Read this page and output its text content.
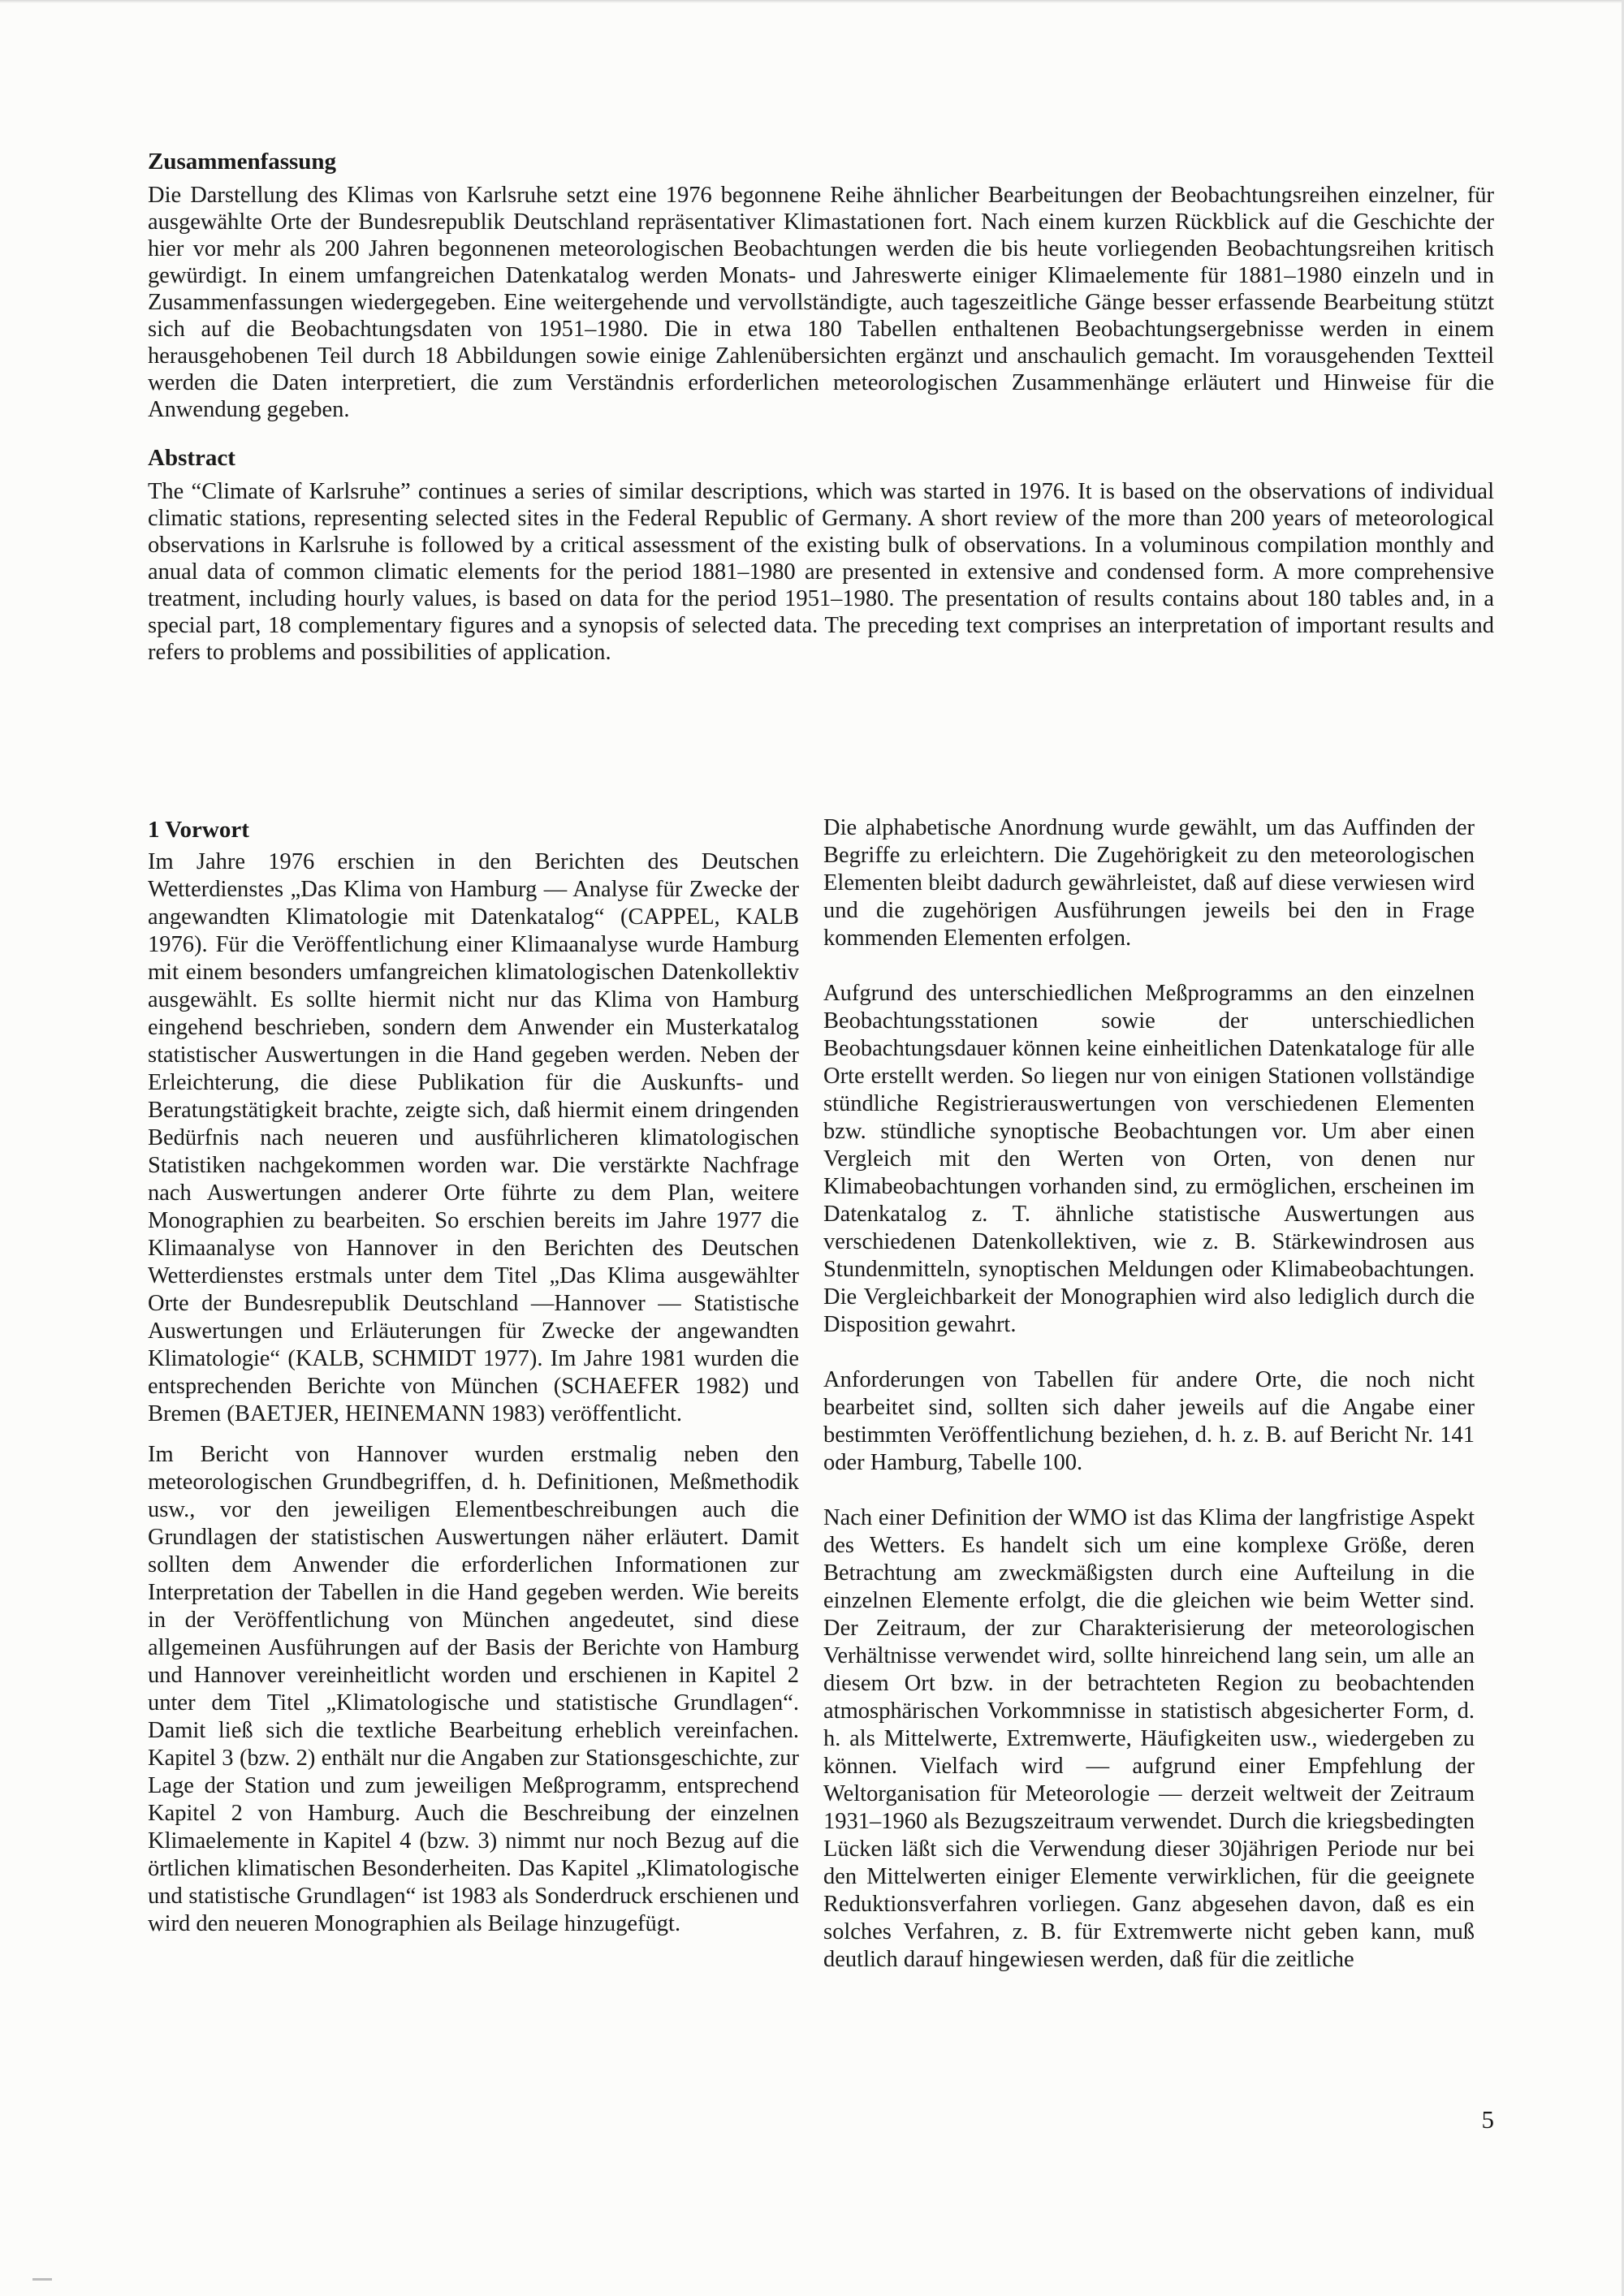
Zusammenfassung

Die Darstellung des Klimas von Karlsruhe setzt eine 1976 begonnene Reihe ähnlicher Bearbeitungen der Beobachtungsreihen einzelner, für ausgewählte Orte der Bundesrepublik Deutschland repräsentativer Klimastationen fort. Nach einem kurzen Rückblick auf die Geschichte der hier vor mehr als 200 Jahren begonnenen meteorologischen Beobachtungen werden die bis heute vorliegenden Beobachtungsreihen kritisch gewürdigt. In einem umfangreichen Datenkatalog werden Monats- und Jahreswerte einiger Klimaelemente für 1881–1980 einzeln und in Zusammenfassungen wiedergegeben. Eine weitergehende und vervollständigte, auch tageszeitliche Gänge besser erfassende Bearbeitung stützt sich auf die Beobachtungsdaten von 1951–1980. Die in etwa 180 Tabellen enthaltenen Beobachtungsergebnisse werden in einem herausgehobenen Teil durch 18 Abbildungen sowie einige Zahlenübersichten ergänzt und anschaulich gemacht. Im vorausgehenden Textteil werden die Daten interpretiert, die zum Verständnis erforderlichen meteorologischen Zusammenhänge erläutert und Hinweise für die Anwendung gegeben.

Abstract

The “Climate of Karlsruhe” continues a series of similar descriptions, which was started in 1976. It is based on the observations of individual climatic stations, representing selected sites in the Federal Republic of Germany. A short review of the more than 200 years of meteorological observations in Karlsruhe is followed by a critical assessment of the existing bulk of observations. In a voluminous compilation monthly and anual data of common climatic elements for the period 1881–1980 are presented in extensive and condensed form. A more comprehensive treatment, including hourly values, is based on data for the period 1951–1980. The presentation of results contains about 180 tables and, in a special part, 18 complementary figures and a synopsis of selected data. The preceding text comprises an interpretation of important results and refers to problems and possibilities of application.

1 Vorwort

Im Jahre 1976 erschien in den Berichten des Deutschen Wetterdienstes „Das Klima von Hamburg — Analyse für Zwecke der angewandten Klimatologie mit Datenkatalog“ (CAPPEL, KALB 1976). Für die Veröffentlichung einer Klimaanalyse wurde Hamburg mit einem besonders umfangreichen klimatologischen Datenkollektiv ausgewählt. Es sollte hiermit nicht nur das Klima von Hamburg eingehend beschrieben, sondern dem Anwender ein Musterkatalog statistischer Auswertungen in die Hand gegeben werden. Neben der Erleichterung, die diese Publikation für die Auskunfts- und Beratungstätigkeit brachte, zeigte sich, daß hiermit einem dringenden Bedürfnis nach neueren und ausführlicheren klimatologischen Statistiken nachgekommen worden war. Die verstärkte Nachfrage nach Auswertungen anderer Orte führte zu dem Plan, weitere Monographien zu bearbeiten. So erschien bereits im Jahre 1977 die Klimaanalyse von Hannover in den Berichten des Deutschen Wetterdienstes erstmals unter dem Titel „Das Klima ausgewählter Orte der Bundesrepublik Deutschland —Hannover — Statistische Auswertungen und Erläuterungen für Zwecke der angewandten Klimatologie“ (KALB, SCHMIDT 1977). Im Jahre 1981 wurden die entsprechenden Berichte von München (SCHAEFER 1982) und Bremen (BAETJER, HEINEMANN 1983) veröffentlicht.

Im Bericht von Hannover wurden erstmalig neben den meteorologischen Grundbegriffen, d. h. Definitionen, Meßmethodik usw., vor den jeweiligen Elementbeschreibungen auch die Grundlagen der statistischen Auswertungen näher erläutert. Damit sollten dem Anwender die erforderlichen Informationen zur Interpretation der Tabellen in die Hand gegeben werden. Wie bereits in der Veröffentlichung von München angedeutet, sind diese allgemeinen Ausführungen auf der Basis der Berichte von Hamburg und Hannover vereinheitlicht worden und erschienen in Kapitel 2 unter dem Titel „Klimatologische und statistische Grundlagen“. Damit ließ sich die textliche Bearbeitung erheblich vereinfachen. Kapitel 3 (bzw. 2) enthält nur die Angaben zur Stationsgeschichte, zur Lage der Station und zum jeweiligen Meßprogramm, entsprechend Kapitel 2 von Hamburg. Auch die Beschreibung der einzelnen Klimaelemente in Kapitel 4 (bzw. 3) nimmt nur noch Bezug auf die örtlichen klimatischen Besonderheiten. Das Kapitel „Klimatologische und statistische Grundlagen“ ist 1983 als Sonderdruck erschienen und wird den neueren Monographien als Beilage hinzugefügt.

Die alphabetische Anordnung wurde gewählt, um das Auffinden der Begriffe zu erleichtern. Die Zugehörigkeit zu den meteorologischen Elementen bleibt dadurch gewährleistet, daß auf diese verwiesen wird und die zugehörigen Ausführungen jeweils bei den in Frage kommenden Elementen erfolgen.

Aufgrund des unterschiedlichen Meßprogramms an den einzelnen Beobachtungsstationen sowie der unterschiedlichen Beobachtungsdauer können keine einheitlichen Datenkataloge für alle Orte erstellt werden. So liegen nur von einigen Stationen vollständige stündliche Registrierauswertungen von verschiedenen Elementen bzw. stündliche synoptische Beobachtungen vor. Um aber einen Vergleich mit den Werten von Orten, von denen nur Klimabeobachtungen vorhanden sind, zu ermöglichen, erscheinen im Datenkatalog z. T. ähnliche statistische Auswertungen aus verschiedenen Datenkollektiven, wie z. B. Stärkewindrosen aus Stundenmitteln, synoptischen Meldungen oder Klimabeobachtungen. Die Vergleichbarkeit der Monographien wird also lediglich durch die Disposition gewahrt.

Anforderungen von Tabellen für andere Orte, die noch nicht bearbeitet sind, sollten sich daher jeweils auf die Angabe einer bestimmten Veröffentlichung beziehen, d. h. z. B. auf Bericht Nr. 141 oder Hamburg, Tabelle 100.

Nach einer Definition der WMO ist das Klima der langfristige Aspekt des Wetters. Es handelt sich um eine komplexe Größe, deren Betrachtung am zweckmäßigsten durch eine Aufteilung in die einzelnen Elemente erfolgt, die die gleichen wie beim Wetter sind. Der Zeitraum, der zur Charakterisierung der meteorologischen Verhältnisse verwendet wird, sollte hinreichend lang sein, um alle an diesem Ort bzw. in der betrachteten Region zu beobachtenden atmosphärischen Vorkommnisse in statistisch abgesicherter Form, d. h. als Mittelwerte, Extremwerte, Häufigkeiten usw., wiedergeben zu können. Vielfach wird — aufgrund einer Empfehlung der Weltorganisation für Meteorologie — derzeit weltweit der Zeitraum 1931–1960 als Bezugszeitraum verwendet. Durch die kriegsbedingten Lücken läßt sich die Verwendung dieser 30jährigen Periode nur bei den Mittelwerten einiger Elemente verwirklichen, für die geeignete Reduktionsverfahren vorliegen. Ganz abgesehen davon, daß es ein solches Verfahren, z. B. für Extremwerte nicht geben kann, muß deutlich darauf hingewiesen werden, daß für die zeitliche

5
